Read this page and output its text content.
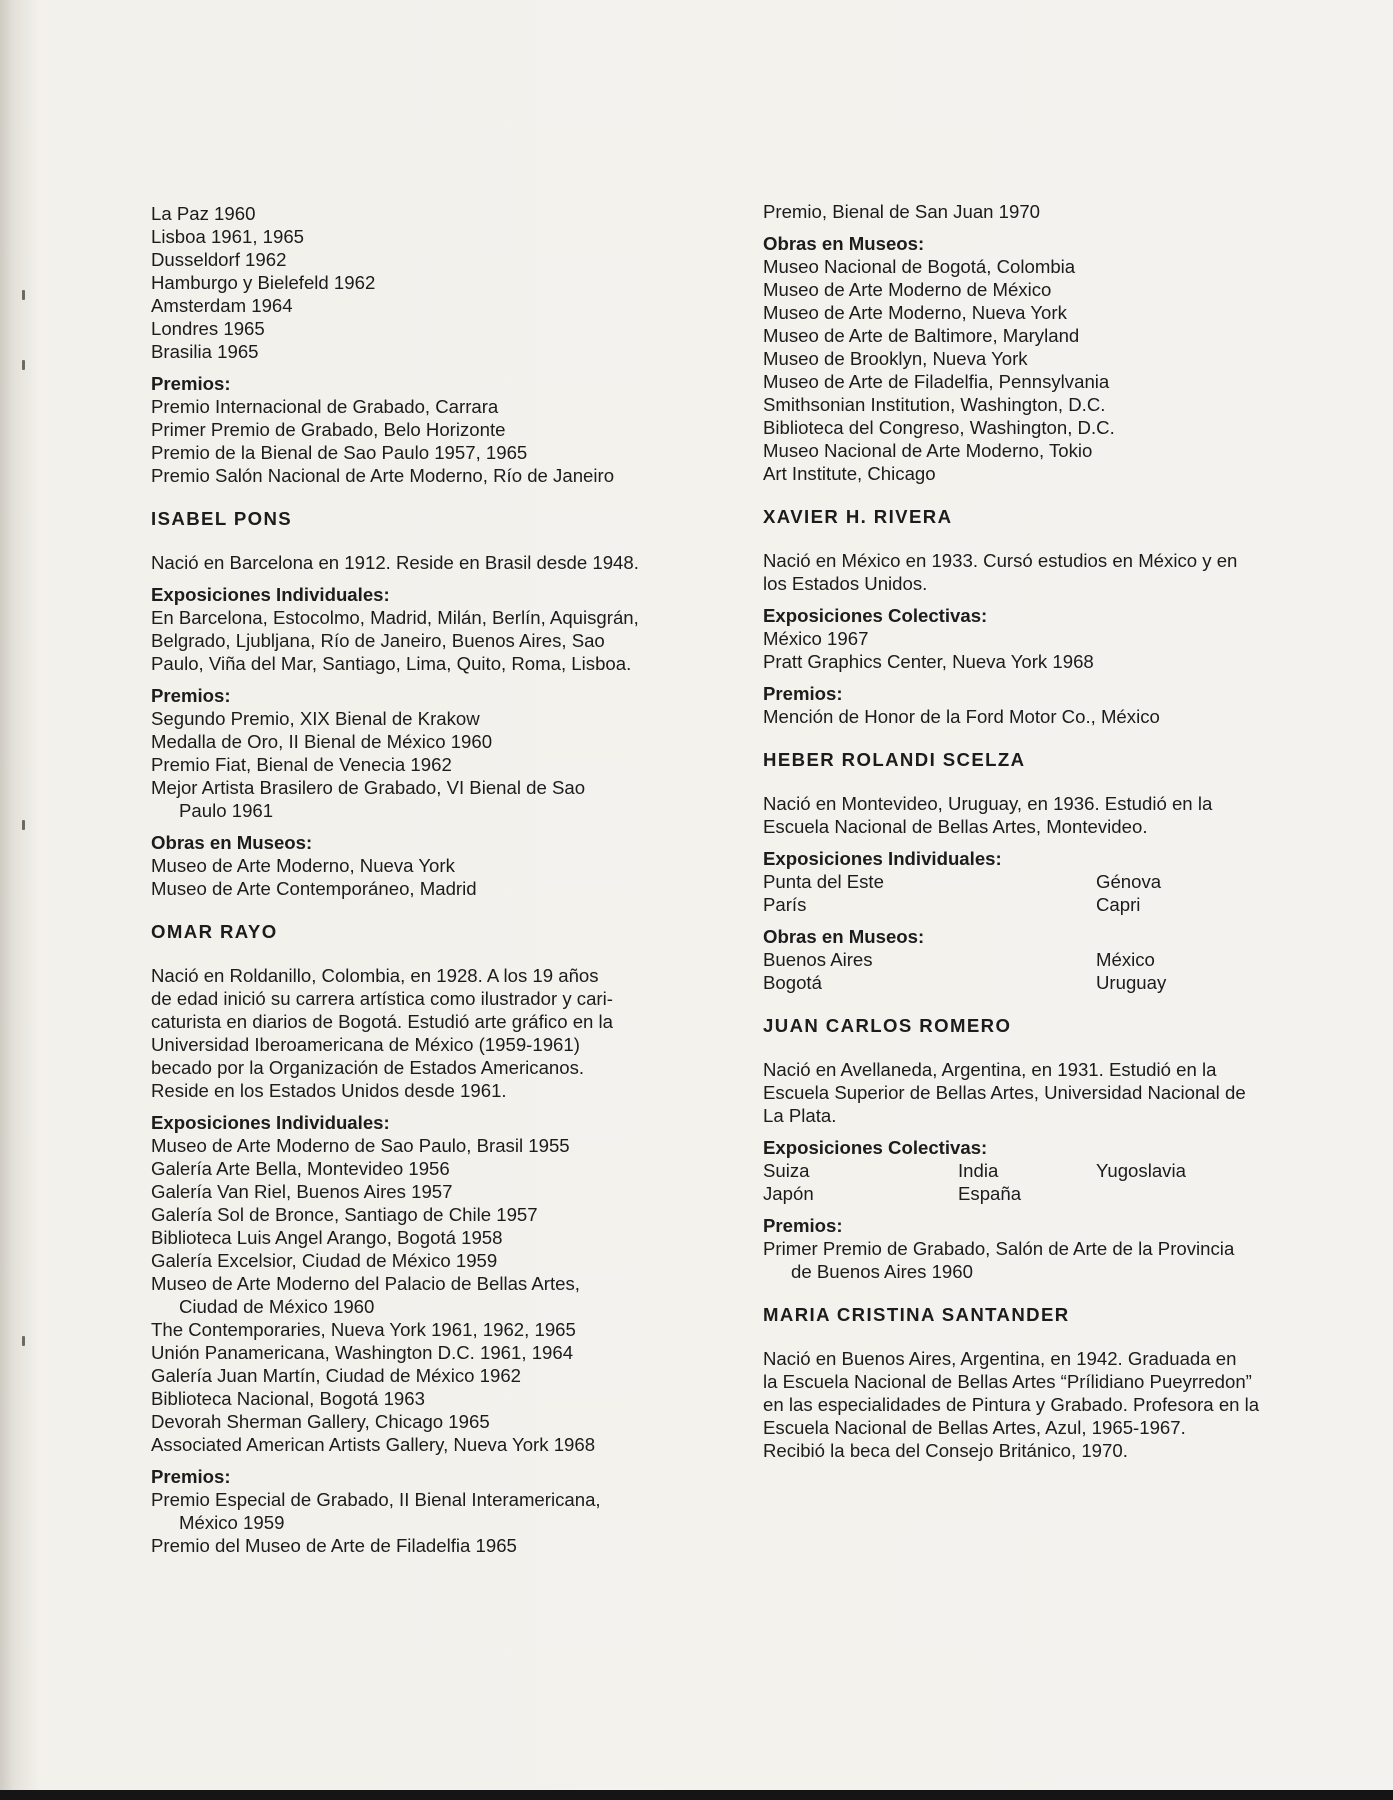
La Paz 1960
Lisboa 1961, 1965
Dusseldorf 1962
Hamburgo y Bielefeld 1962
Amsterdam 1964
Londres 1965
Brasilia 1965
Premios:
Premio Internacional de Grabado, Carrara
Primer Premio de Grabado, Belo Horizonte
Premio de la Bienal de Sao Paulo 1957, 1965
Premio Salón Nacional de Arte Moderno, Río de Janeiro
ISABEL PONS
Nació en Barcelona en 1912. Reside en Brasil desde 1948.
Exposiciones Individuales:
En Barcelona, Estocolmo, Madrid, Milán, Berlín, Aquisgrán,
Belgrado, Ljubljana, Río de Janeiro, Buenos Aires, Sao
Paulo, Viña del Mar, Santiago, Lima, Quito, Roma, Lisboa.
Premios:
Segundo Premio, XIX Bienal de Krakow
Medalla de Oro, II Bienal de México 1960
Premio Fiat, Bienal de Venecia 1962
Mejor Artista Brasilero de Grabado, VI Bienal de Sao
Paulo 1961
Obras en Museos:
Museo de Arte Moderno, Nueva York
Museo de Arte Contemporáneo, Madrid
OMAR RAYO
Nació en Roldanillo, Colombia, en 1928. A los 19 años
de edad inició su carrera artística como ilustrador y cari-
caturista en diarios de Bogotá. Estudió arte gráfico en la
Universidad Iberoamericana de México (1959-1961)
becado por la Organización de Estados Americanos.
Reside en los Estados Unidos desde 1961.
Exposiciones Individuales:
Museo de Arte Moderno de Sao Paulo, Brasil 1955
Galería Arte Bella, Montevideo 1956
Galería Van Riel, Buenos Aires 1957
Galería Sol de Bronce, Santiago de Chile 1957
Biblioteca Luis Angel Arango, Bogotá 1958
Galería Excelsior, Ciudad de México 1959
Museo de Arte Moderno del Palacio de Bellas Artes,
Ciudad de México 1960
The Contemporaries, Nueva York 1961, 1962, 1965
Unión Panamericana, Washington D.C. 1961, 1964
Galería Juan Martín, Ciudad de México 1962
Biblioteca Nacional, Bogotá 1963
Devorah Sherman Gallery, Chicago 1965
Associated American Artists Gallery, Nueva York 1968
Premios:
Premio Especial de Grabado, II Bienal Interamericana,
México 1959
Premio del Museo de Arte de Filadelfia 1965
Premio, Bienal de San Juan 1970
Obras en Museos:
Museo Nacional de Bogotá, Colombia
Museo de Arte Moderno de México
Museo de Arte Moderno, Nueva York
Museo de Arte de Baltimore, Maryland
Museo de Brooklyn, Nueva York
Museo de Arte de Filadelfia, Pennsylvania
Smithsonian Institution, Washington, D.C.
Biblioteca del Congreso, Washington, D.C.
Museo Nacional de Arte Moderno, Tokio
Art Institute, Chicago
XAVIER H. RIVERA
Nació en México en 1933. Cursó estudios en México y en
los Estados Unidos.
Exposiciones Colectivas:
México 1967
Pratt Graphics Center, Nueva York 1968
Premios:
Mención de Honor de la Ford Motor Co., México
HEBER ROLANDI SCELZA
Nació en Montevideo, Uruguay, en 1936. Estudió en la
Escuela Nacional de Bellas Artes, Montevideo.
Exposiciones Individuales:
Punta del Este	Génova
París	Capri
Obras en Museos:
Buenos Aires	México
Bogotá	Uruguay
JUAN CARLOS ROMERO
Nació en Avellaneda, Argentina, en 1931. Estudió en la
Escuela Superior de Bellas Artes, Universidad Nacional de
La Plata.
Exposiciones Colectivas:
Suiza	India	Yugoslavia
Japón	España
Premios:
Primer Premio de Grabado, Salón de Arte de la Provincia
de Buenos Aires 1960
MARIA CRISTINA SANTANDER
Nació en Buenos Aires, Argentina, en 1942. Graduada en
la Escuela Nacional de Bellas Artes “Prílidiano Pueyrredon”
en las especialidades de Pintura y Grabado. Profesora en la
Escuela Nacional de Bellas Artes, Azul, 1965-1967.
Recibió la beca del Consejo Británico, 1970.
